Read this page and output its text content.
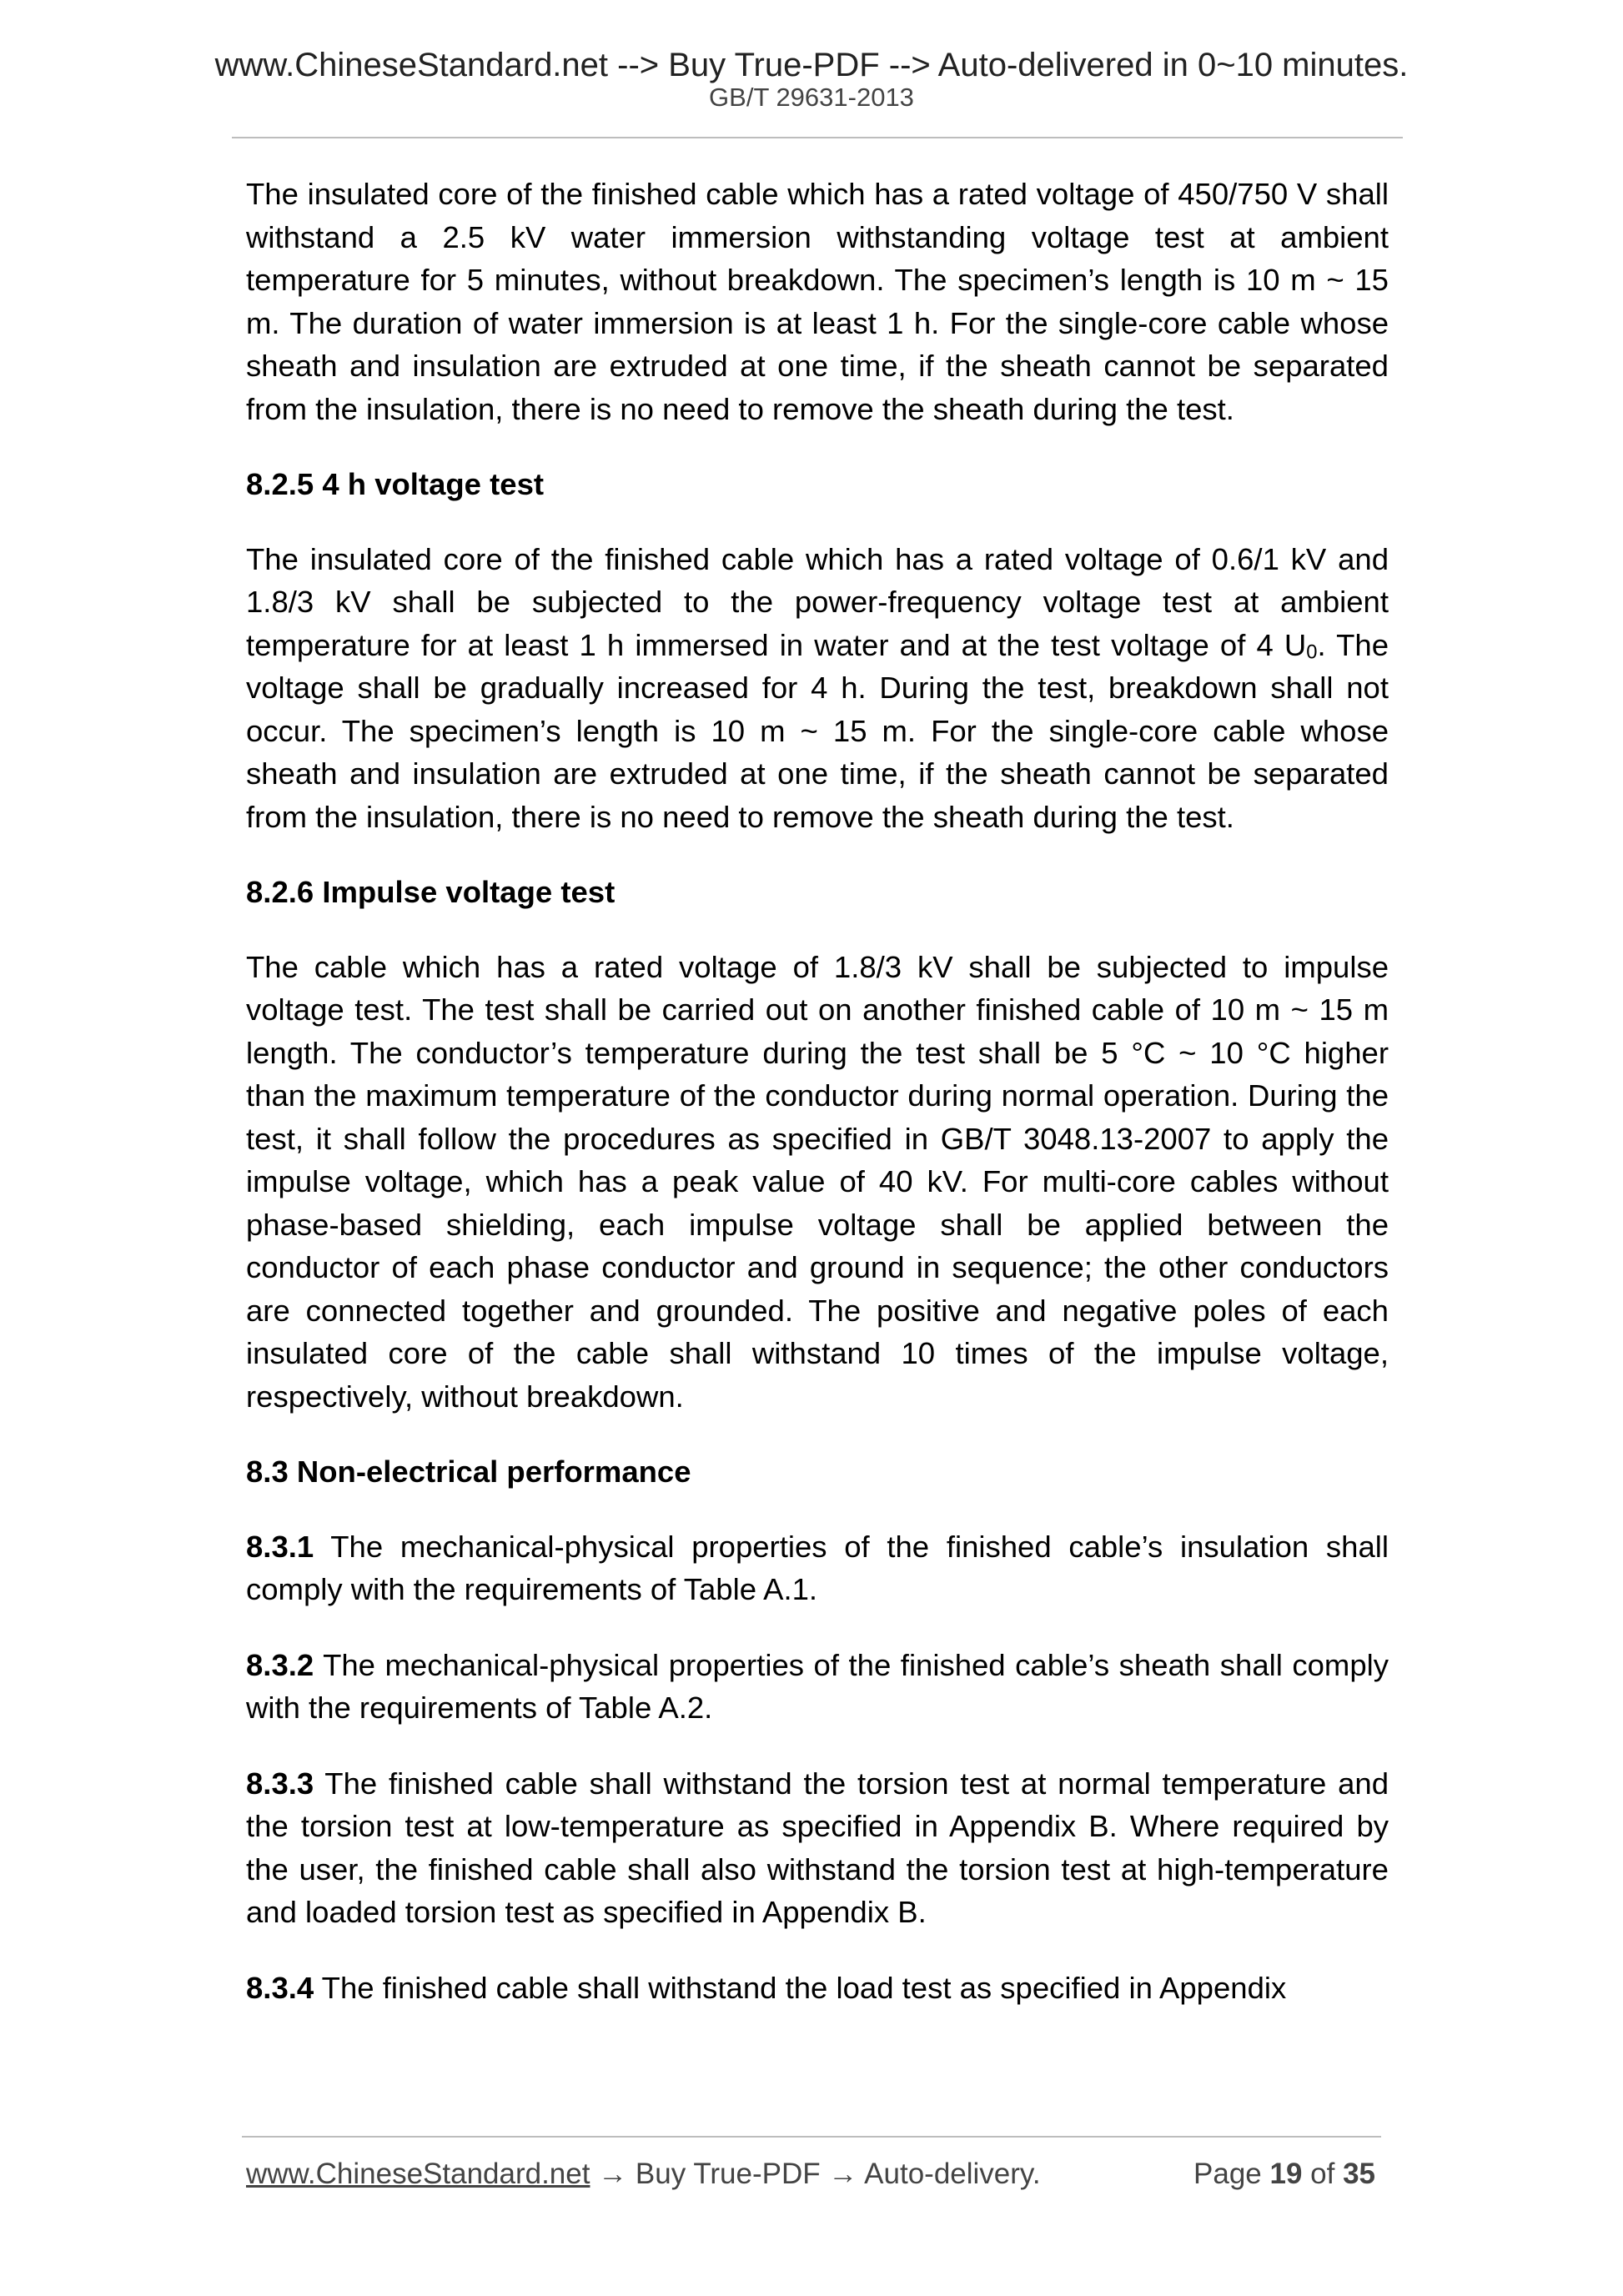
www.ChineseStandard.net --> Buy True-PDF --> Auto-delivered in 0~10 minutes.
GB/T 29631-2013

The insulated core of the finished cable which has a rated voltage of 450/750 V shall withstand a 2.5 kV water immersion withstanding voltage test at ambient temperature for 5 minutes, without breakdown. The specimen’s length is 10 m ~ 15 m. The duration of water immersion is at least 1 h. For the single-core cable whose sheath and insulation are extruded at one time, if the sheath cannot be separated from the insulation, there is no need to remove the sheath during the test.

8.2.5 4 h voltage test

The insulated core of the finished cable which has a rated voltage of 0.6/1 kV and 1.8/3 kV shall be subjected to the power-frequency voltage test at ambient temperature for at least 1 h immersed in water and at the test voltage of 4 $U_0$. The voltage shall be gradually increased for 4 h. During the test, breakdown shall not occur. The specimen’s length is 10 m ~ 15 m. For the single-core cable whose sheath and insulation are extruded at one time, if the sheath cannot be separated from the insulation, there is no need to remove the sheath during the test.

8.2.6 Impulse voltage test

The cable which has a rated voltage of 1.8/3 kV shall be subjected to impulse voltage test. The test shall be carried out on another finished cable of 10 m ~ 15 m length. The conductor’s temperature during the test shall be 5 °C ~ 10 °C higher than the maximum temperature of the conductor during normal operation. During the test, it shall follow the procedures as specified in GB/T 3048.13-2007 to apply the impulse voltage, which has a peak value of 40 kV. For multi-core cables without phase-based shielding, each impulse voltage shall be applied between the conductor of each phase conductor and ground in sequence; the other conductors are connected together and grounded. The positive and negative poles of each insulated core of the cable shall withstand 10 times of the impulse voltage, respectively, without breakdown.

8.3 Non-electrical performance

8.3.1 The mechanical-physical properties of the finished cable’s insulation shall comply with the requirements of Table A.1.

8.3.2 The mechanical-physical properties of the finished cable’s sheath shall comply with the requirements of Table A.2.

8.3.3 The finished cable shall withstand the torsion test at normal temperature and the torsion test at low-temperature as specified in Appendix B. Where required by the user, the finished cable shall also withstand the torsion test at high-temperature and loaded torsion test as specified in Appendix B.

8.3.4 The finished cable shall withstand the load test as specified in Appendix

www.ChineseStandard.net → Buy True-PDF → Auto-delivery.	Page 19 of 35
